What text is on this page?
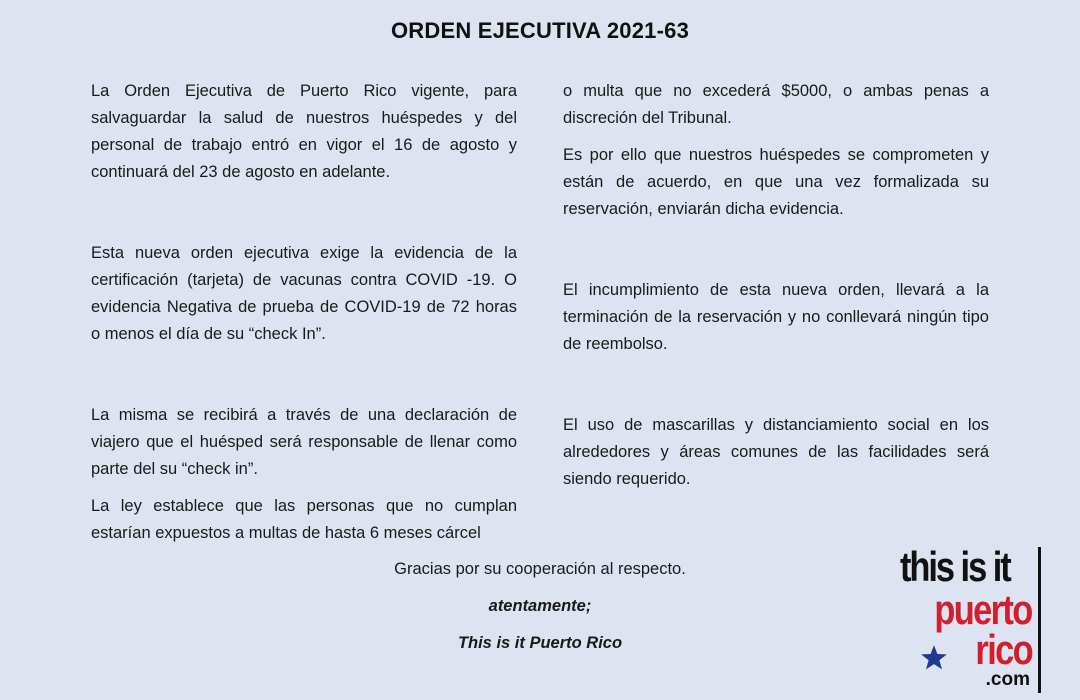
ORDEN EJECUTIVA 2021-63

La Orden Ejecutiva de Puerto Rico vigente, para salvaguardar la salud de nuestros huéspedes y del personal de trabajo entró en vigor el 16 de agosto y continuará del 23 de agosto en adelante.

Esta nueva orden ejecutiva exige la evidencia de la certificación (tarjeta) de vacunas contra COVID -19. O evidencia Negativa de prueba de COVID-19 de 72 horas o menos el día de su “check In”.

La misma se recibirá a través de una declaración de viajero que el huésped será responsable de llenar como parte del su “check in”.

La ley establece que las personas que no cumplan estarían expuestos a multas de hasta 6 meses cárcel

o multa que no excederá $5000, o ambas penas a discreción del Tribunal.

Es por ello que nuestros huéspedes se comprometen y están de acuerdo, en que una vez formalizada su reservación, enviarán dicha evidencia.

El incumplimiento de esta nueva orden, llevará a la terminación de la reservación y no conllevará ningún tipo de reembolso.

El uso de mascarillas y distanciamiento social en los alrededores y áreas comunes de las facilidades será siendo requerido.

Gracias por su cooperación al respecto.
atentamente;
This is it Puerto Rico
this is it
puerto
rico
.com
